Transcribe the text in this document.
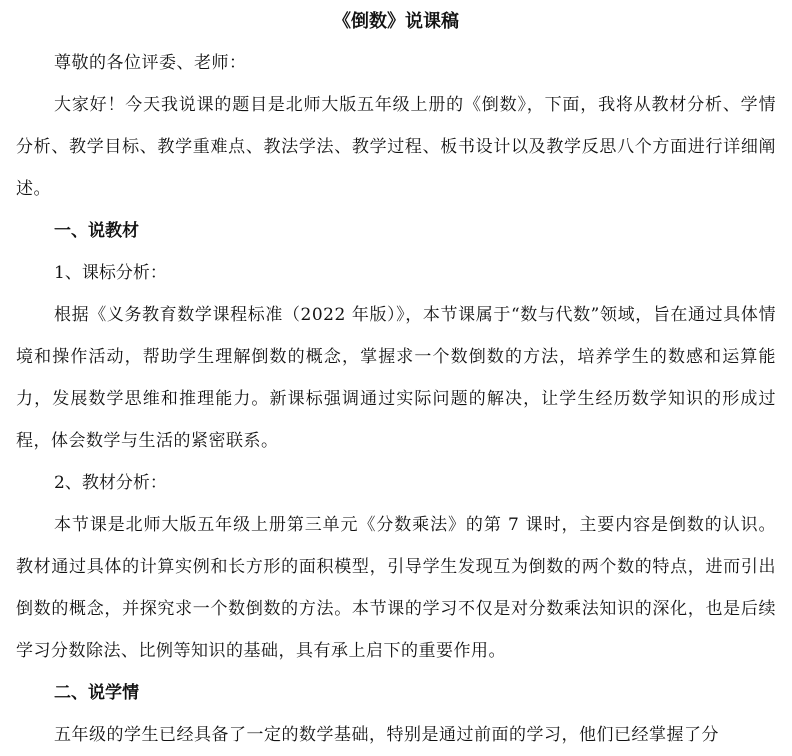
《倒数》说课稿

尊敬的各位评委、老师：

大家好！今天我说课的题目是北师大版五年级上册的《倒数》，下面，我将从教材分析、学情分析、教学目标、教学重难点、教法学法、教学过程、板书设计以及教学反思八个方面进行详细阐述。

一、说教材

1、课标分析：

根据《义务教育数学课程标准（2022 年版）》，本节课属于“数与代数”领域，旨在通过具体情境和操作活动，帮助学生理解倒数的概念，掌握求一个数倒数的方法，培养学生的数感和运算能力，发展数学思维和推理能力。新课标强调通过实际问题的解决，让学生经历数学知识的形成过程，体会数学与生活的紧密联系。

2、教材分析：

本节课是北师大版五年级上册第三单元《分数乘法》的第 7 课时，主要内容是倒数的认识。教材通过具体的计算实例和长方形的面积模型，引导学生发现互为倒数的两个数的特点，进而引出倒数的概念，并探究求一个数倒数的方法。本节课的学习不仅是对分数乘法知识的深化，也是后续学习分数除法、比例等知识的基础，具有承上启下的重要作用。

二、说学情

五年级的学生已经具备了一定的数学基础，特别是通过前面的学习，他们已经掌握了分
